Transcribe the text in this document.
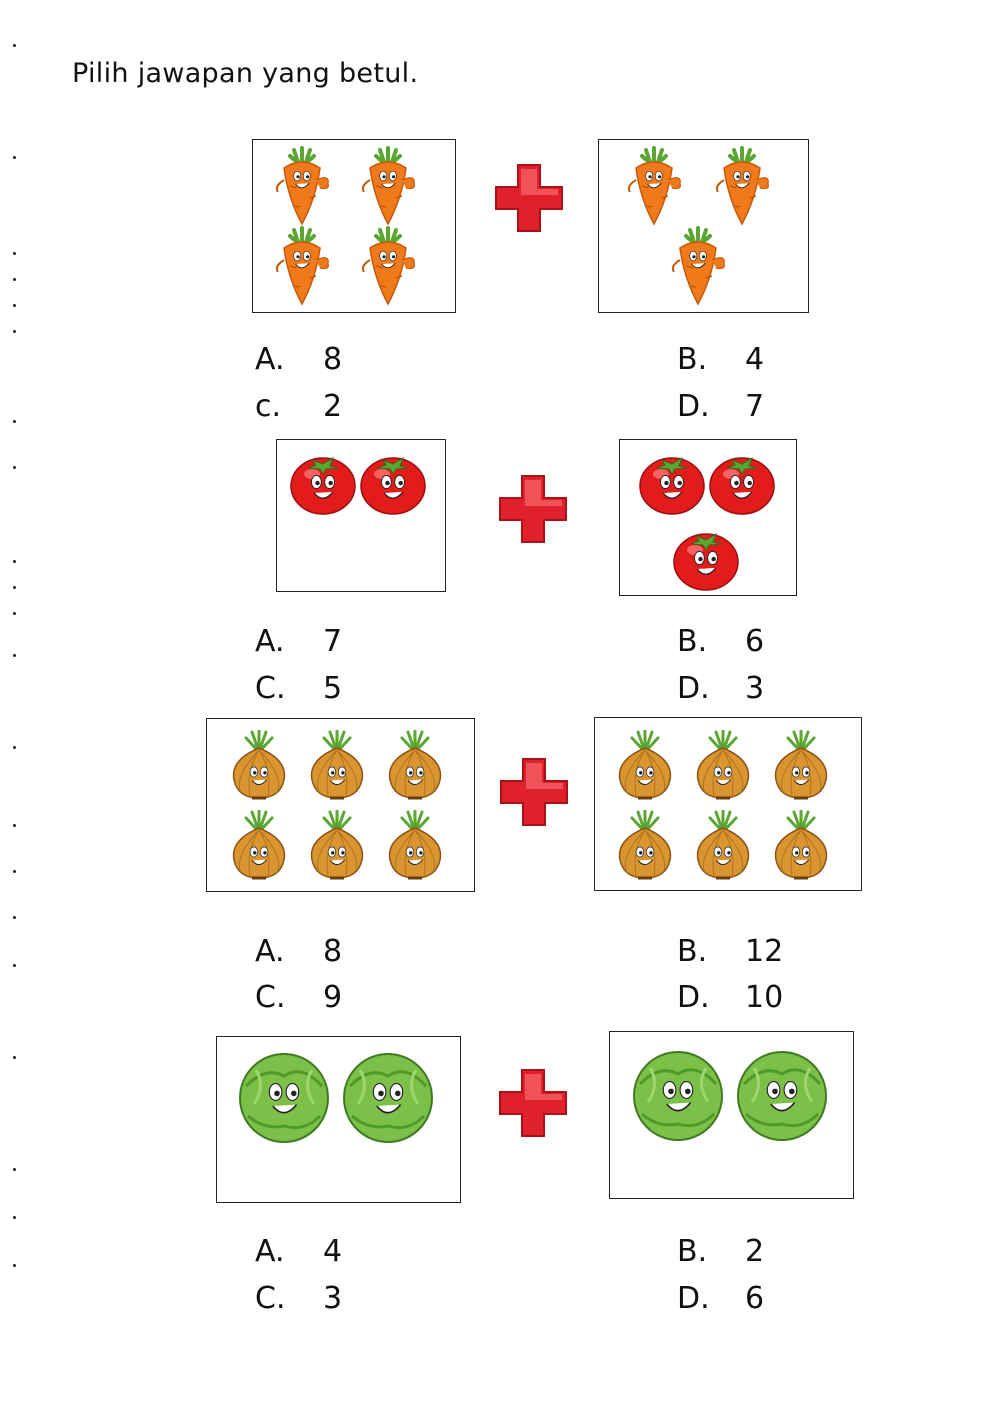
Pilih jawapan yang betul.
A. 8	B. 4
c. 2	D. 7
A. 7	B. 6
C. 5	D. 3
A. 8	B. 12
C. 9	D. 10
A. 4	B. 2
C. 3	D. 6
